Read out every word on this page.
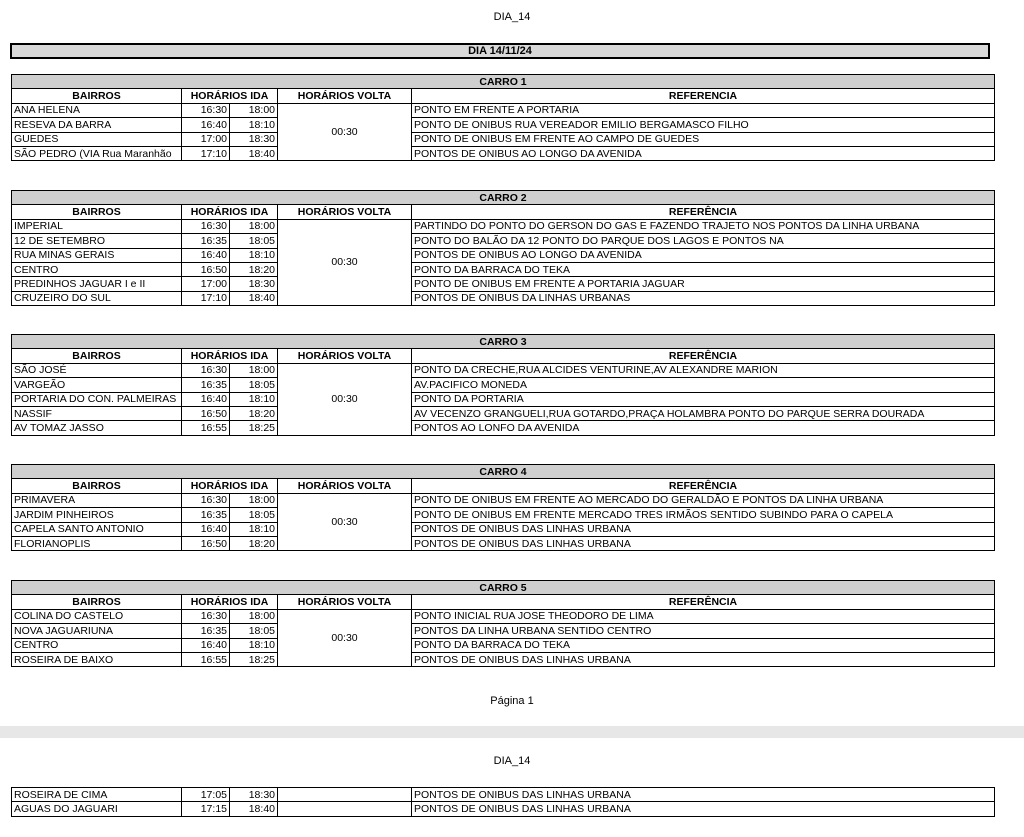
DIA_14
DIA 14/11/24
CARRO 1				
BAIRROS	HORÁRIOS IDA		HORÁRIOS VOLTA	REFERENCIA
ANA HELENA	16:30	18:00	00:30	PONTO EM FRENTE A PORTARIA
RESEVA DA BARRA	16:40	18:10		PONTO DE ONIBUS RUA VEREADOR EMILIO BERGAMASCO FILHO
GUEDES	17:00	18:30		PONTO DE ONIBUS EM FRENTE AO CAMPO DE GUEDES
SÃO PEDRO (VIA Rua Maranhão	17:10	18:40		PONTOS DE ONIBUS AO LONGO DA AVENIDA
CARRO 2				
BAIRROS	HORÁRIOS IDA		HORÁRIOS VOLTA	REFERÊNCIA
IMPERIAL	16:30	18:00	00:30	PARTINDO DO PONTO DO GERSON DO GAS E FAZENDO TRAJETO NOS PONTOS DA LINHA URBANA
12 DE SETEMBRO	16:35	18:05		PONTO DO BALÃO DA 12 PONTO DO PARQUE DOS LAGOS E PONTOS NA
RUA MINAS GERAIS	16:40	18:10		PONTOS DE ONIBUS AO LONGO DA AVENIDA
CENTRO	16:50	18:20		PONTO DA BARRACA DO TEKA
PREDINHOS JAGUAR I e II	17:00	18:30		PONTO DE ONIBUS EM FRENTE A PORTARIA JAGUAR
CRUZEIRO DO SUL	17:10	18:40		PONTOS DE ONIBUS DA LINHAS URBANAS
CARRO 3				
BAIRROS	HORÁRIOS IDA		HORÁRIOS VOLTA	REFERÊNCIA
SÃO JOSÉ	16:30	18:00	00:30	PONTO DA CRECHE,RUA ALCIDES VENTURINE,AV ALEXANDRE MARION
VARGEÃO	16:35	18:05		AV.PACIFICO MONEDA
PORTARIA DO CON. PALMEIRAS	16:40	18:10		PONTO DA PORTARIA
NASSIF	16:50	18:20		AV VECENZO GRANGUELI,RUA GOTARDO,PRAÇA HOLAMBRA PONTO DO PARQUE SERRA DOURADA
AV TOMAZ JASSO	16:55	18:25		PONTOS AO LONFO DA AVENIDA
CARRO 4				
BAIRROS	HORÁRIOS IDA		HORÁRIOS VOLTA	REFERÊNCIA
PRIMAVERA	16:30	18:00	00:30	PONTO DE ONIBUS EM FRENTE AO MERCADO DO GERALDÃO E PONTOS DA LINHA URBANA
JARDIM PINHEIROS	16:35	18:05		PONTO DE ONIBUS EM FRENTE MERCADO TRES IRMÃOS SENTIDO SUBINDO PARA O CAPELA
CAPELA SANTO ANTONIO	16:40	18:10		PONTOS DE ONIBUS DAS LINHAS URBANA
FLORIANOPLIS	16:50	18:20		PONTOS DE ONIBUS DAS LINHAS URBANA
CARRO 5				
BAIRROS	HORÁRIOS IDA		HORÁRIOS VOLTA	REFERÊNCIA
COLINA DO CASTELO	16:30	18:00	00:30	PONTO INICIAL RUA JOSE THEODORO DE LIMA
NOVA JAGUARIUNA	16:35	18:05		PONTOS DA LINHA URBANA SENTIDO CENTRO
CENTRO	16:40	18:10		PONTO DA BARRACA DO TEKA
ROSEIRA DE BAIXO	16:55	18:25		PONTOS DE ONIBUS DAS LINHAS URBANA
Página 1
DIA_14
ROSEIRA DE CIMA	17:05	18:30		PONTOS DE ONIBUS DAS LINHAS URBANA
AGUAS DO JAGUARI	17:15	18:40		PONTOS DE ONIBUS DAS LINHAS URBANA
